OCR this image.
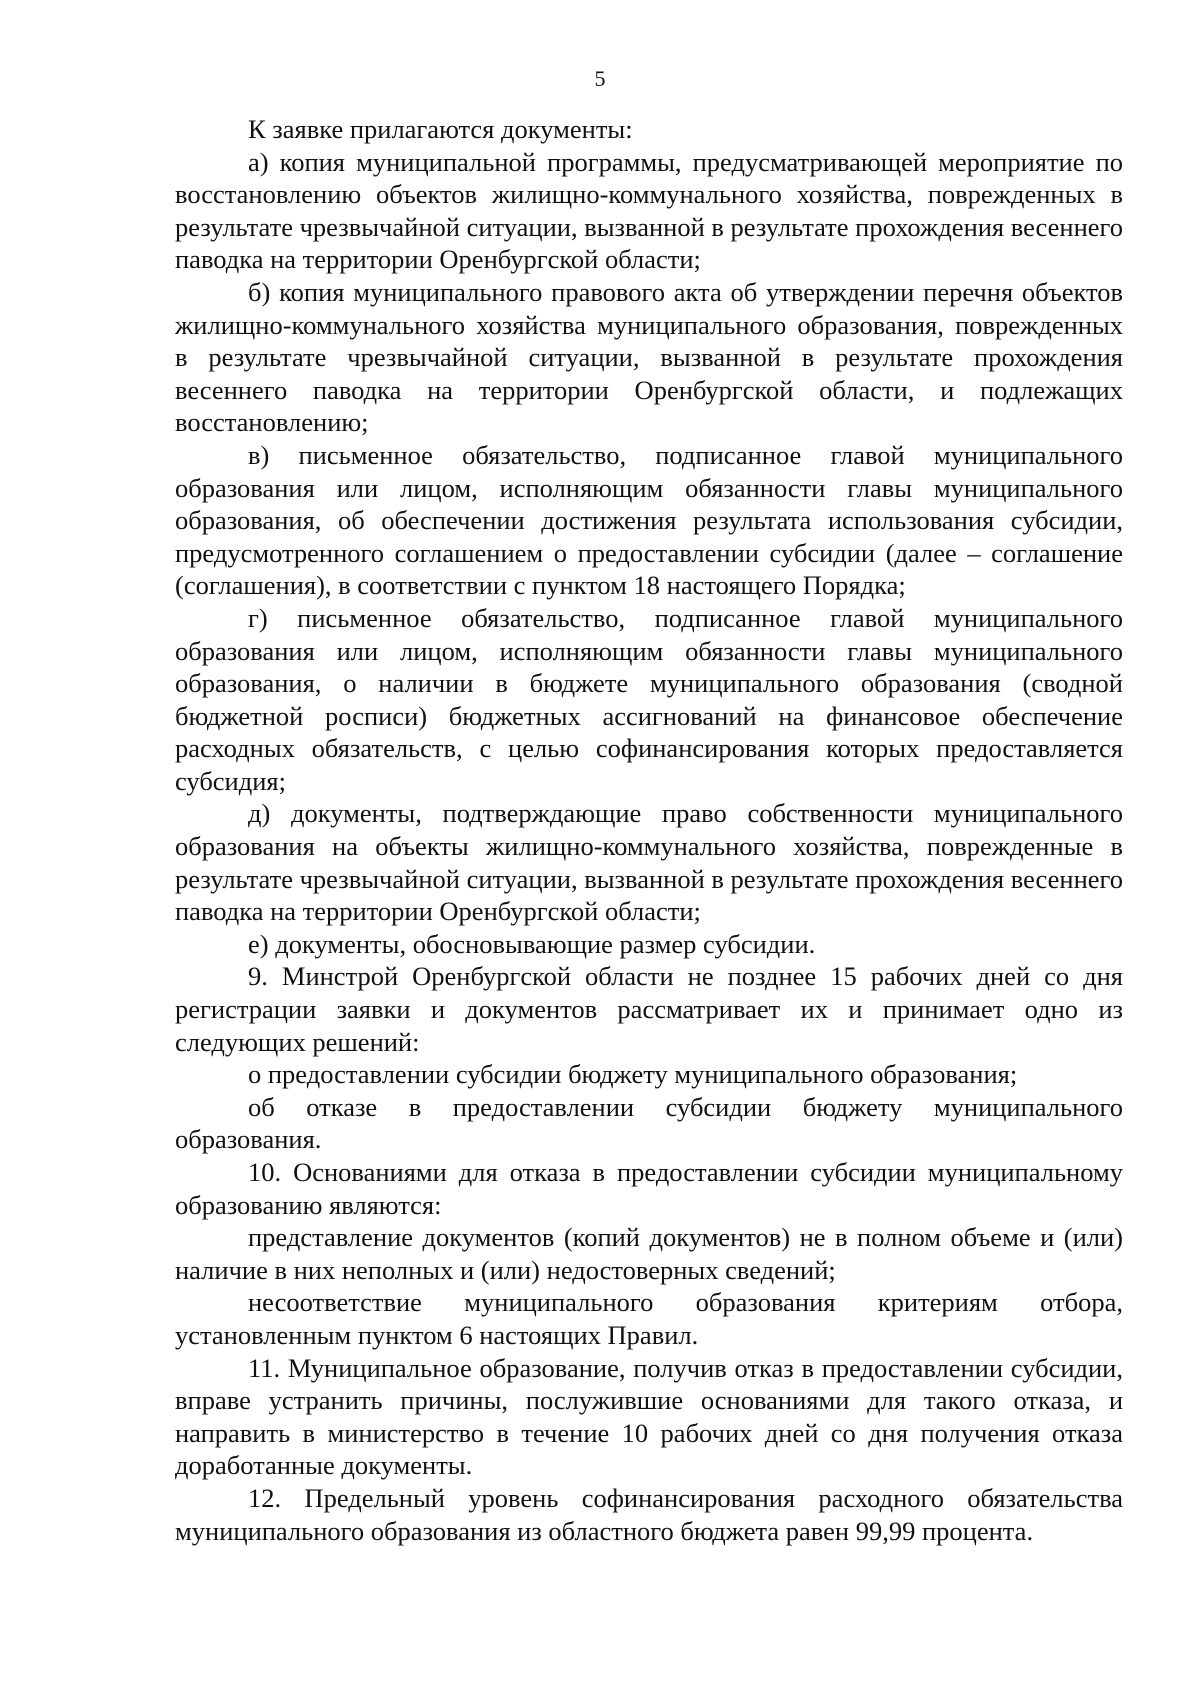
5

К заявке прилагаются документы:

а) копия муниципальной программы, предусматривающей мероприятие по восстановлению объектов жилищно-коммунального хозяйства, поврежденных в результате чрезвычайной ситуации, вызванной в результате прохождения весеннего паводка на территории Оренбургской области;

б) копия муниципального правового акта об утверждении перечня объектов жилищно-коммунального хозяйства муниципального образования, поврежденных в результате чрезвычайной ситуации, вызванной в результате прохождения весеннего паводка на территории Оренбургской области, и подлежащих восстановлению;

в) письменное обязательство, подписанное главой муниципального образования или лицом, исполняющим обязанности главы муниципального образования, об обеспечении достижения результата использования субсидии, предусмотренного соглашением о предоставлении субсидии (далее – соглашение (соглашения), в соответствии с пунктом 18 настоящего Порядка;

г) письменное обязательство, подписанное главой муниципального образования или лицом, исполняющим обязанности главы муниципального образования, о наличии в бюджете муниципального образования (сводной бюджетной росписи) бюджетных ассигнований на финансовое обеспечение расходных обязательств, с целью софинансирования которых предоставляется субсидия;

д) документы, подтверждающие право собственности муниципального образования на объекты жилищно-коммунального хозяйства, поврежденные в результате чрезвычайной ситуации, вызванной в результате прохождения весеннего паводка на территории Оренбургской области;

е) документы, обосновывающие размер субсидии.

9. Минстрой Оренбургской области не позднее 15 рабочих дней со дня регистрации заявки и документов рассматривает их и принимает одно из следующих решений:

о предоставлении субсидии бюджету муниципального образования;

об отказе в предоставлении субсидии бюджету муниципального образования.

10. Основаниями для отказа в предоставлении субсидии муниципальному образованию являются:

представление документов (копий документов) не в полном объеме и (или) наличие в них неполных и (или) недостоверных сведений;

несоответствие муниципального образования критериям отбора, установленным пунктом 6 настоящих Правил.

11. Муниципальное образование, получив отказ в предоставлении субсидии, вправе устранить причины, послужившие основаниями для такого отказа, и направить в министерство в течение 10 рабочих дней со дня получения отказа доработанные документы.

12. Предельный уровень софинансирования расходного обязательства муниципального образования из областного бюджета равен 99,99 процента.
